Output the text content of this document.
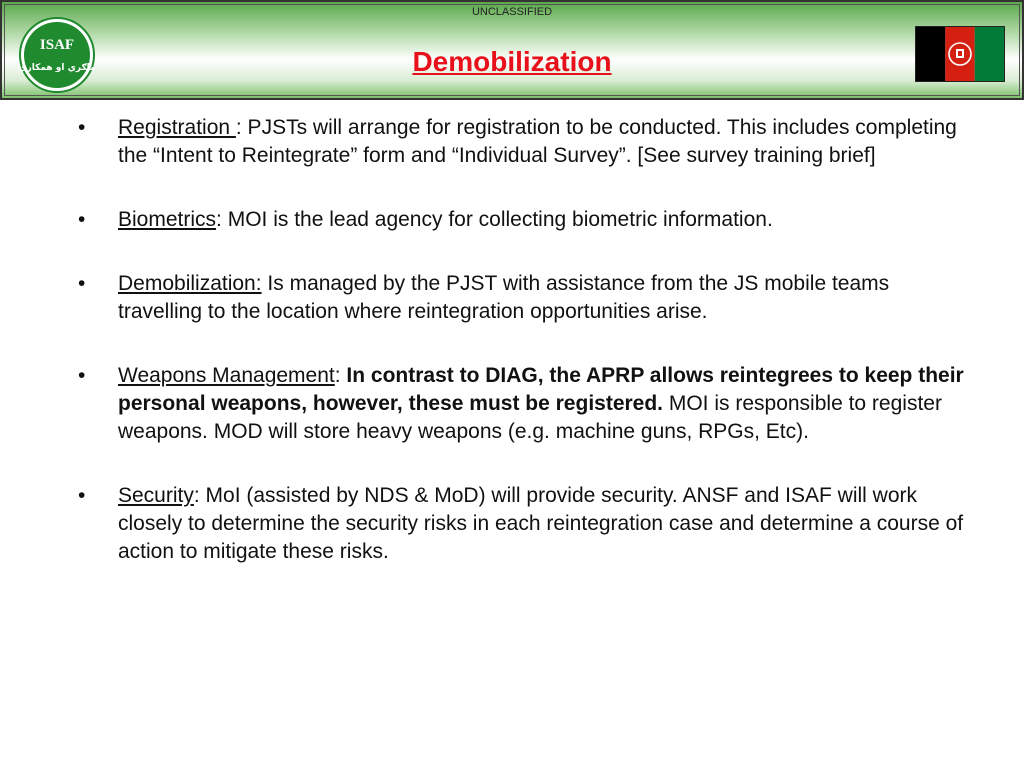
UNCLASSIFIED
Demobilization
ISAF
ملګري او همکاري
•	Registration : PJSTs will arrange for registration to be conducted. This includes completing the “Intent to Reintegrate” form and “Individual Survey”. [See survey training brief]
•	Biometrics: MOI is the lead agency for collecting biometric information.
•	Demobilization: Is managed by the PJST with assistance from the JS mobile teams travelling to the location where reintegration opportunities arise.
•	Weapons Management: In contrast to DIAG, the APRP allows reintegrees to keep their personal weapons, however, these must be registered. MOI is responsible to register weapons. MOD will store heavy weapons (e.g. machine guns, RPGs, Etc).
•	Security: MoI (assisted by NDS & MoD) will provide security. ANSF and ISAF will work closely to determine the security risks in each reintegration case and determine a course of action to mitigate these risks.
